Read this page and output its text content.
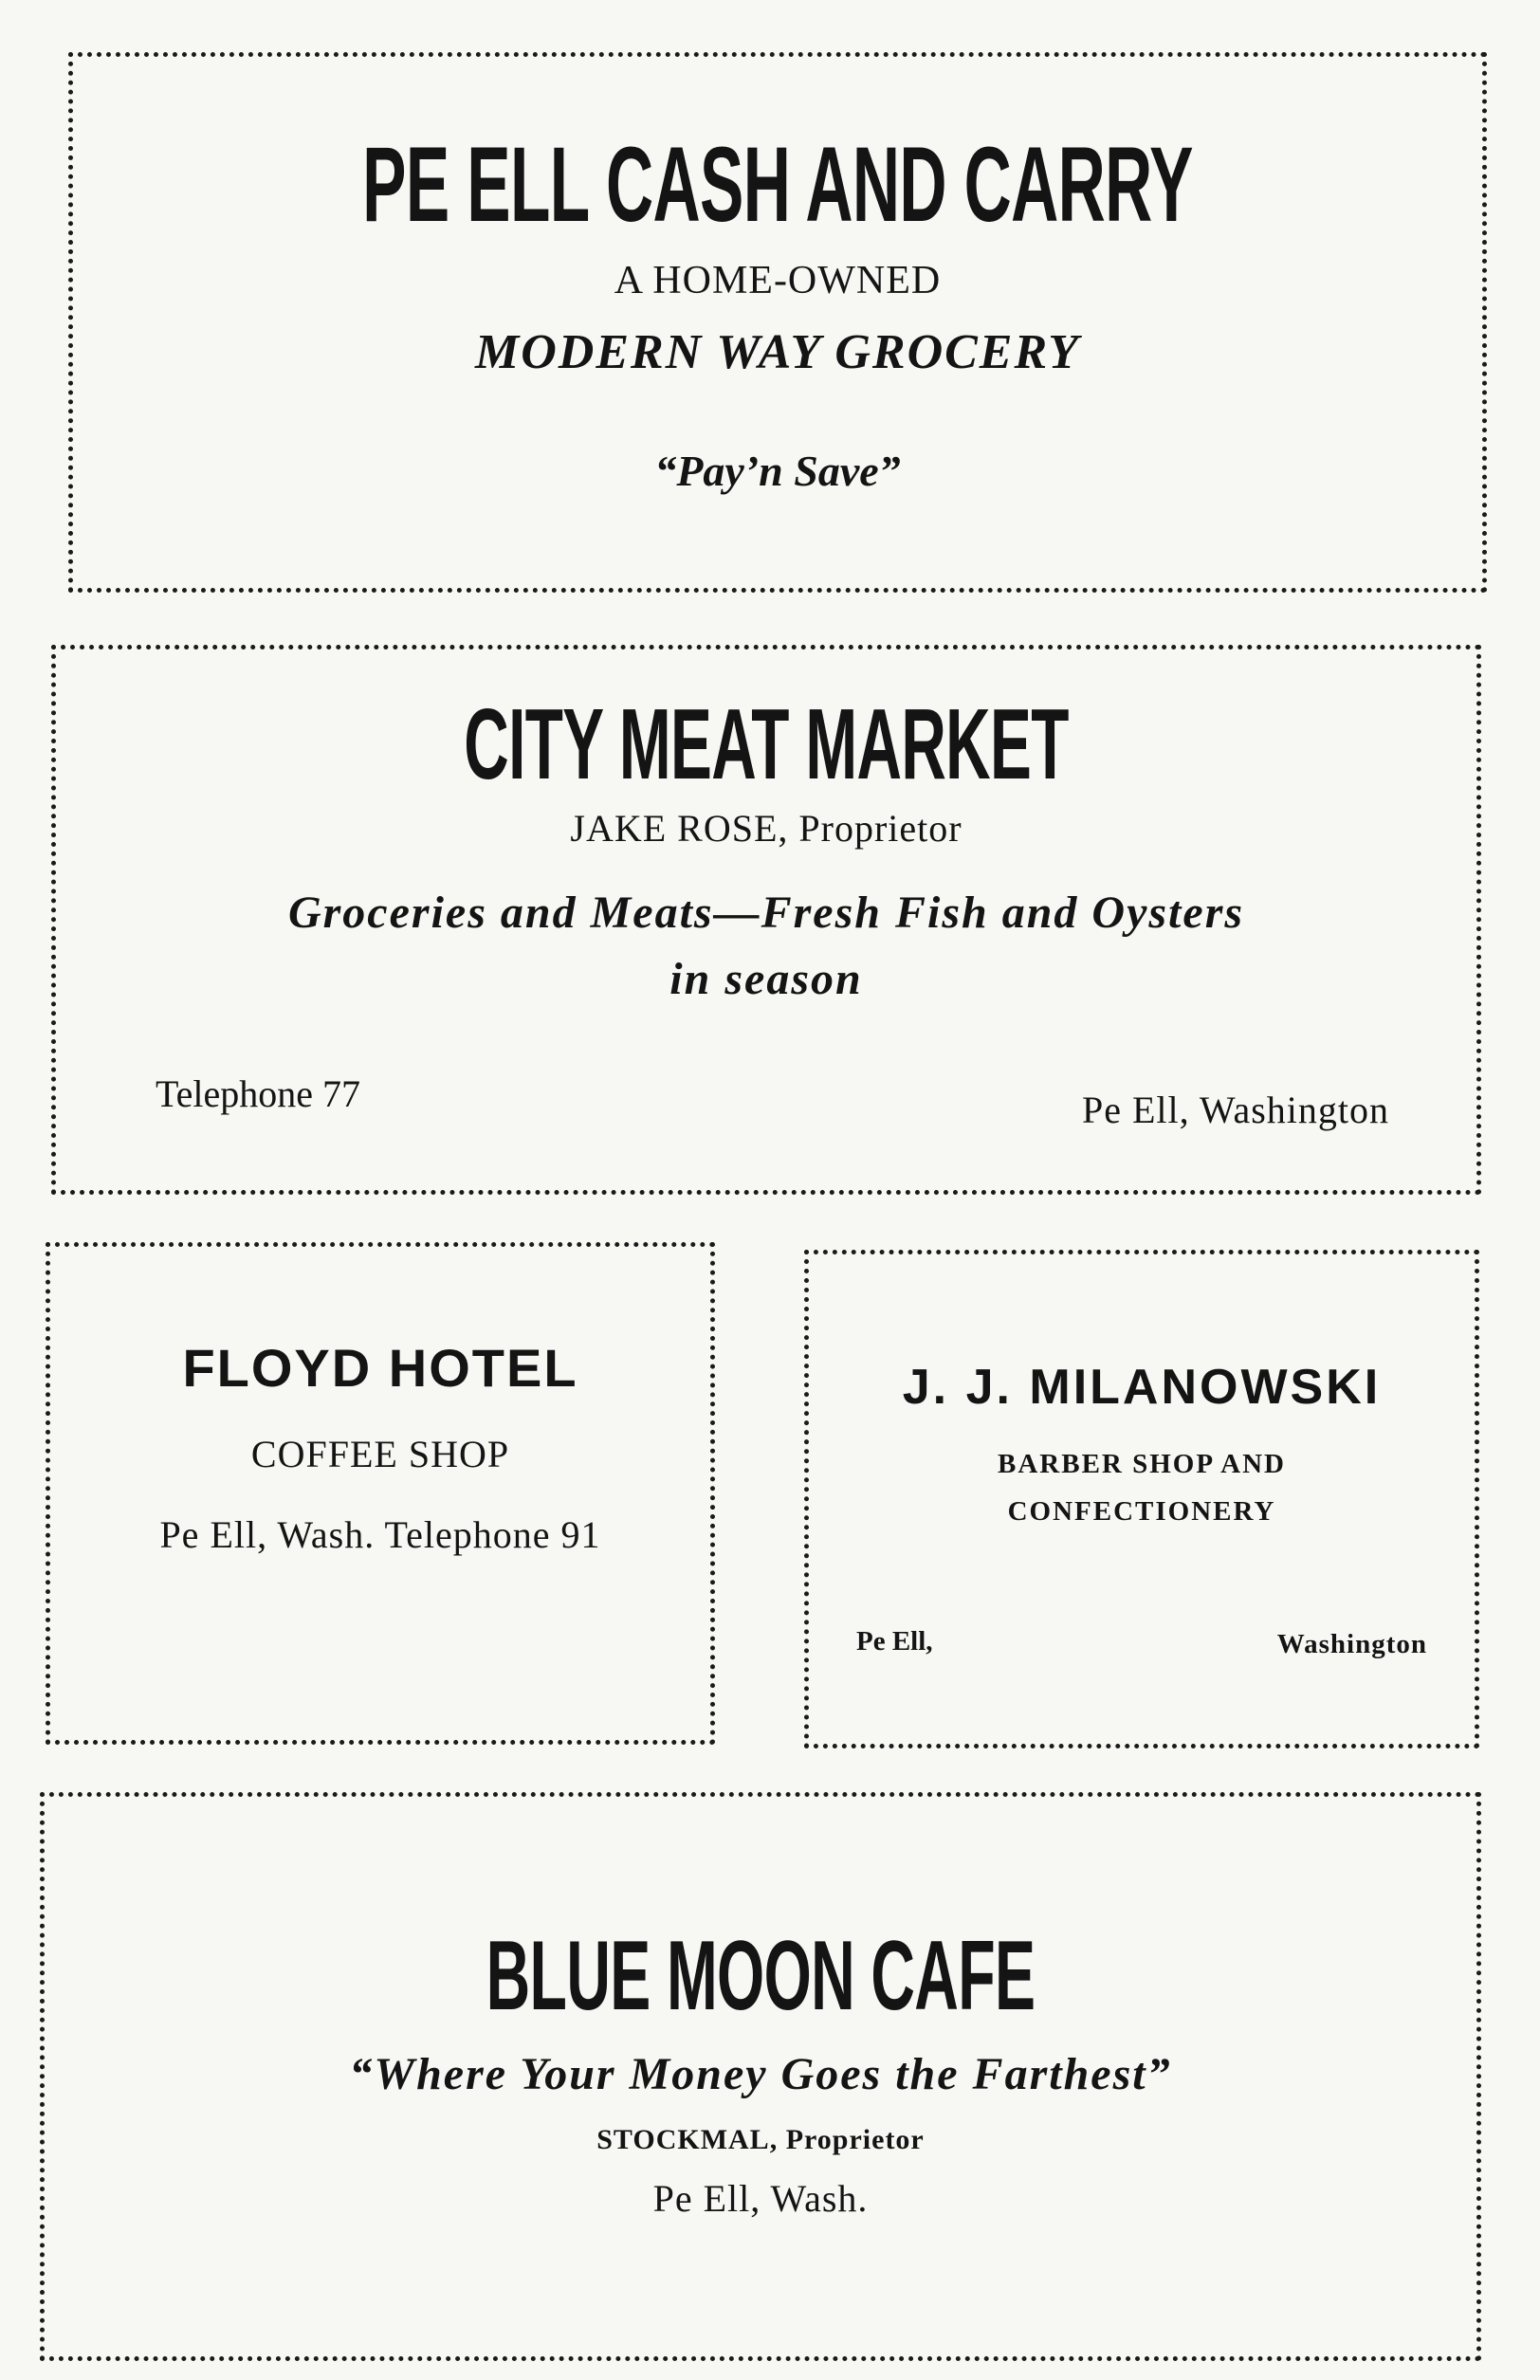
PE ELL CASH AND CARRY
A HOME-OWNED
MODERN WAY GROCERY
“Pay’n Save”
CITY MEAT MARKET
JAKE ROSE, Proprietor
Groceries and Meats—Fresh Fish and Oysters
in season
Telephone 77	Pe Ell, Washington
FLOYD HOTEL
COFFEE SHOP
Pe Ell, Wash. Telephone 91
J. J. MILANOWSKI
BARBER SHOP AND
CONFECTIONERY
Pe Ell,	Washington
BLUE MOON CAFE
“Where Your Money Goes the Farthest”
STOCKMAL, Proprietor
Pe Ell, Wash.
